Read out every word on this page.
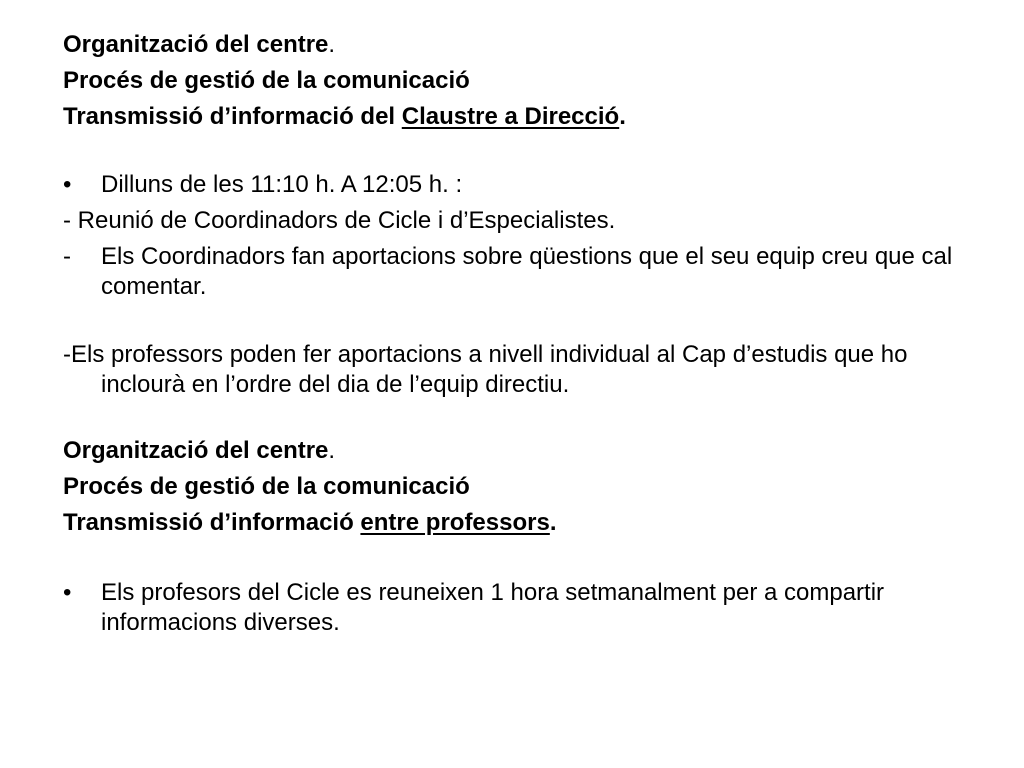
Organització del centre.

Procés de gestió de la comunicació

Transmissió d’informació del Claustre a Direcció.

•	Dilluns de les 11:10 h. A 12:05 h. :

- Reunió de Coordinadors de Cicle i d’Especialistes.

-	Els Coordinadors fan aportacions sobre qüestions que el seu equip creu que cal comentar.

-Els professors poden fer aportacions a nivell individual al Cap d’estudis que ho inclourà en l’ordre del dia de l’equip directiu.

Organització del centre.

Procés de gestió de la comunicació

Transmissió d’informació entre professors.

•	Els profesors del Cicle es reuneixen 1 hora setmanalment per a compartir informacions diverses.
